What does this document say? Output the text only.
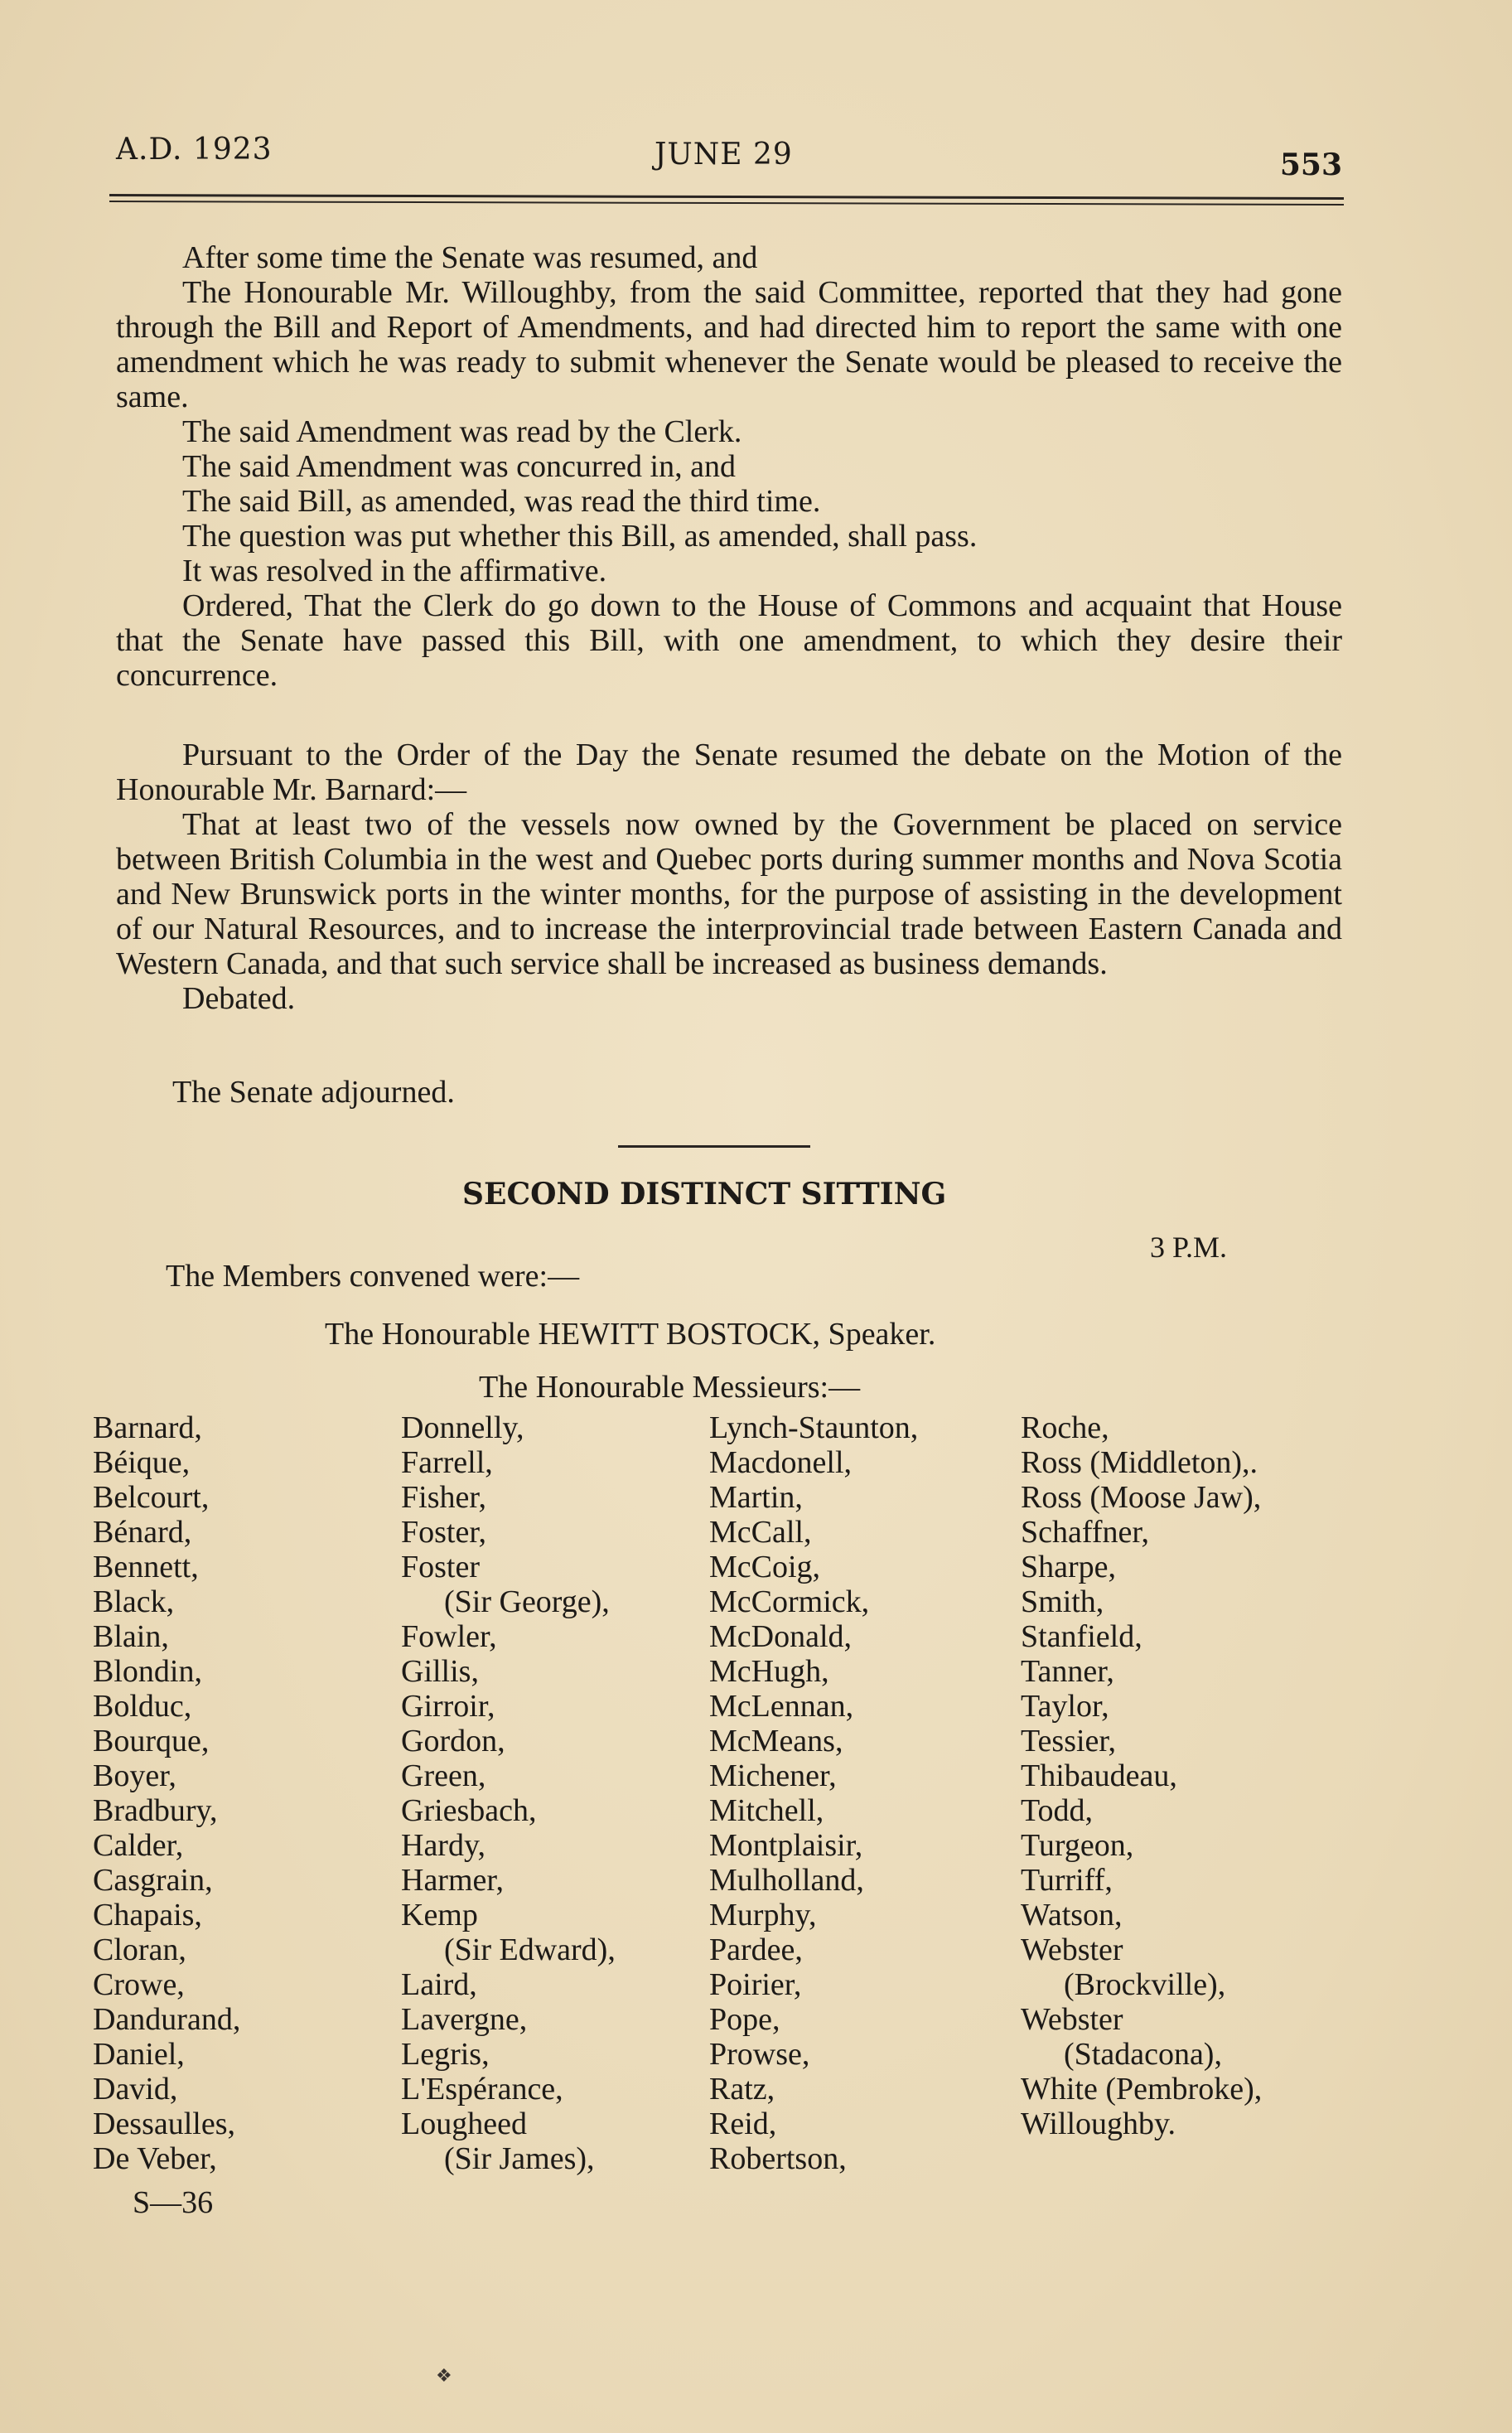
A.D. 1923	JUNE 29	553

After some time the Senate was resumed, and

The Honourable Mr. Willoughby, from the said Committee, reported that they had gone through the Bill and Report of Amendments, and had directed him to report the same with one amendment which he was ready to submit whenever the Senate would be pleased to receive the same.

The said Amendment was read by the Clerk.

The said Amendment was concurred in, and

The said Bill, as amended, was read the third time.

The question was put whether this Bill, as amended, shall pass.

It was resolved in the affirmative.

Ordered, That the Clerk do go down to the House of Commons and acquaint that House that the Senate have passed this Bill, with one amendment, to which they desire their concurrence.

Pursuant to the Order of the Day the Senate resumed the debate on the Motion of the Honourable Mr. Barnard:—

That at least two of the vessels now owned by the Government be placed on service between British Columbia in the west and Quebec ports during summer months and Nova Scotia and New Brunswick ports in the winter months, for the purpose of assisting in the development of our Natural Resources, and to increase the interprovincial trade between Eastern Canada and Western Canada, and that such service shall be increased as business demands.

Debated.

The Senate adjourned.
SECOND DISTINCT SITTING
3 P.M.
The Members convened were:—
The Honourable HEWITT BOSTOCK, Speaker.
The Honourable Messieurs:—
Barnard,
Béique,
Belcourt,
Bénard,
Bennett,
Black,
Blain,
Blondin,
Bolduc,
Bourque,
Boyer,
Bradbury,
Calder,
Casgrain,
Chapais,
Cloran,
Crowe,
Dandurand,
Daniel,
David,
Dessaulles,
De Veber,
Donnelly,
Farrell,
Fisher,
Foster,
Foster
(Sir George),
Fowler,
Gillis,
Girroir,
Gordon,
Green,
Griesbach,
Hardy,
Harmer,
Kemp
(Sir Edward),
Laird,
Lavergne,
Legris,
L'Espérance,
Lougheed
(Sir James),
Lynch-Staunton,
Macdonell,
Martin,
McCall,
McCoig,
McCormick,
McDonald,
McHugh,
McLennan,
McMeans,
Michener,
Mitchell,
Montplaisir,
Mulholland,
Murphy,
Pardee,
Poirier,
Pope,
Prowse,
Ratz,
Reid,
Robertson,
Roche,
Ross (Middleton),.
Ross (Moose Jaw),
Schaffner,
Sharpe,
Smith,
Stanfield,
Tanner,
Taylor,
Tessier,
Thibaudeau,
Todd,
Turgeon,
Turriff,
Watson,
Webster
(Brockville),
Webster
(Stadacona),
White (Pembroke),
Willoughby.
S—36
❖
